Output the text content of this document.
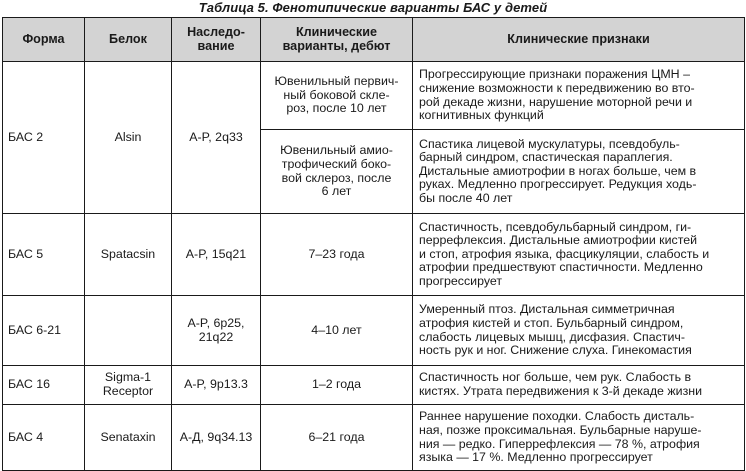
Таблица 5. Фенотипические варианты БАС у детей
Форма	Белок	Наследо-
вание	Клинические
варианты, дебют	Клинические признаки
БАС 2	Alsin	A-P, 2q33	Ювенильный первич-
ный боковой скле-
роз, после 10 лет	Прогрессирующие признаки поражения ЦМН –
снижение возможности к передвижению во вто-
рой декаде жизни, нарушение моторной речи и
когнитивных функций
			Ювенильный амио-
трофический боко-
вой склероз, после
6 лет	Спастика лицевой мускулатуры, псевдобуль-
барный синдром, спастическая параплегия.
Дистальные амиотрофии в ногах больше, чем в
руках. Медленно прогрессирует. Редукция ходь-
бы после 40 лет
БАС 5	Spatacsin	A-P, 15q21	7–23 года	Спастичность, псевдобульбарный синдром, ги-
перрефлексия. Дистальные амиотрофии кистей
и стоп, атрофия языка, фасцикуляции, слабость и
атрофии предшествуют спастичности. Медленно
прогрессирует
БАС 6-21		A-P, 6p25,
21q22	4–10 лет	Умеренный птоз. Дистальная симметричная
атрофия кистей и стоп. Бульбарный синдром,
слабость лицевых мышц, дисфазия. Спастич-
ность рук и ног. Снижение слуха. Гинекомастия
БАС 16	Sigma-1
Receptor	A-P, 9p13.3	1–2 года	Спастичность ног больше, чем рук. Слабость в
кистях. Утрата передвижения к 3-й декаде жизни
БАС 4	Senataxin	A-Д, 9q34.13	6–21 года	Раннее нарушение походки. Слабость дисталь-
ная, позже проксимальная. Бульбарные наруше-
ния — редко. Гиперрефлексия — 78 %, атрофия
языка — 17 %. Медленно прогрессирует
